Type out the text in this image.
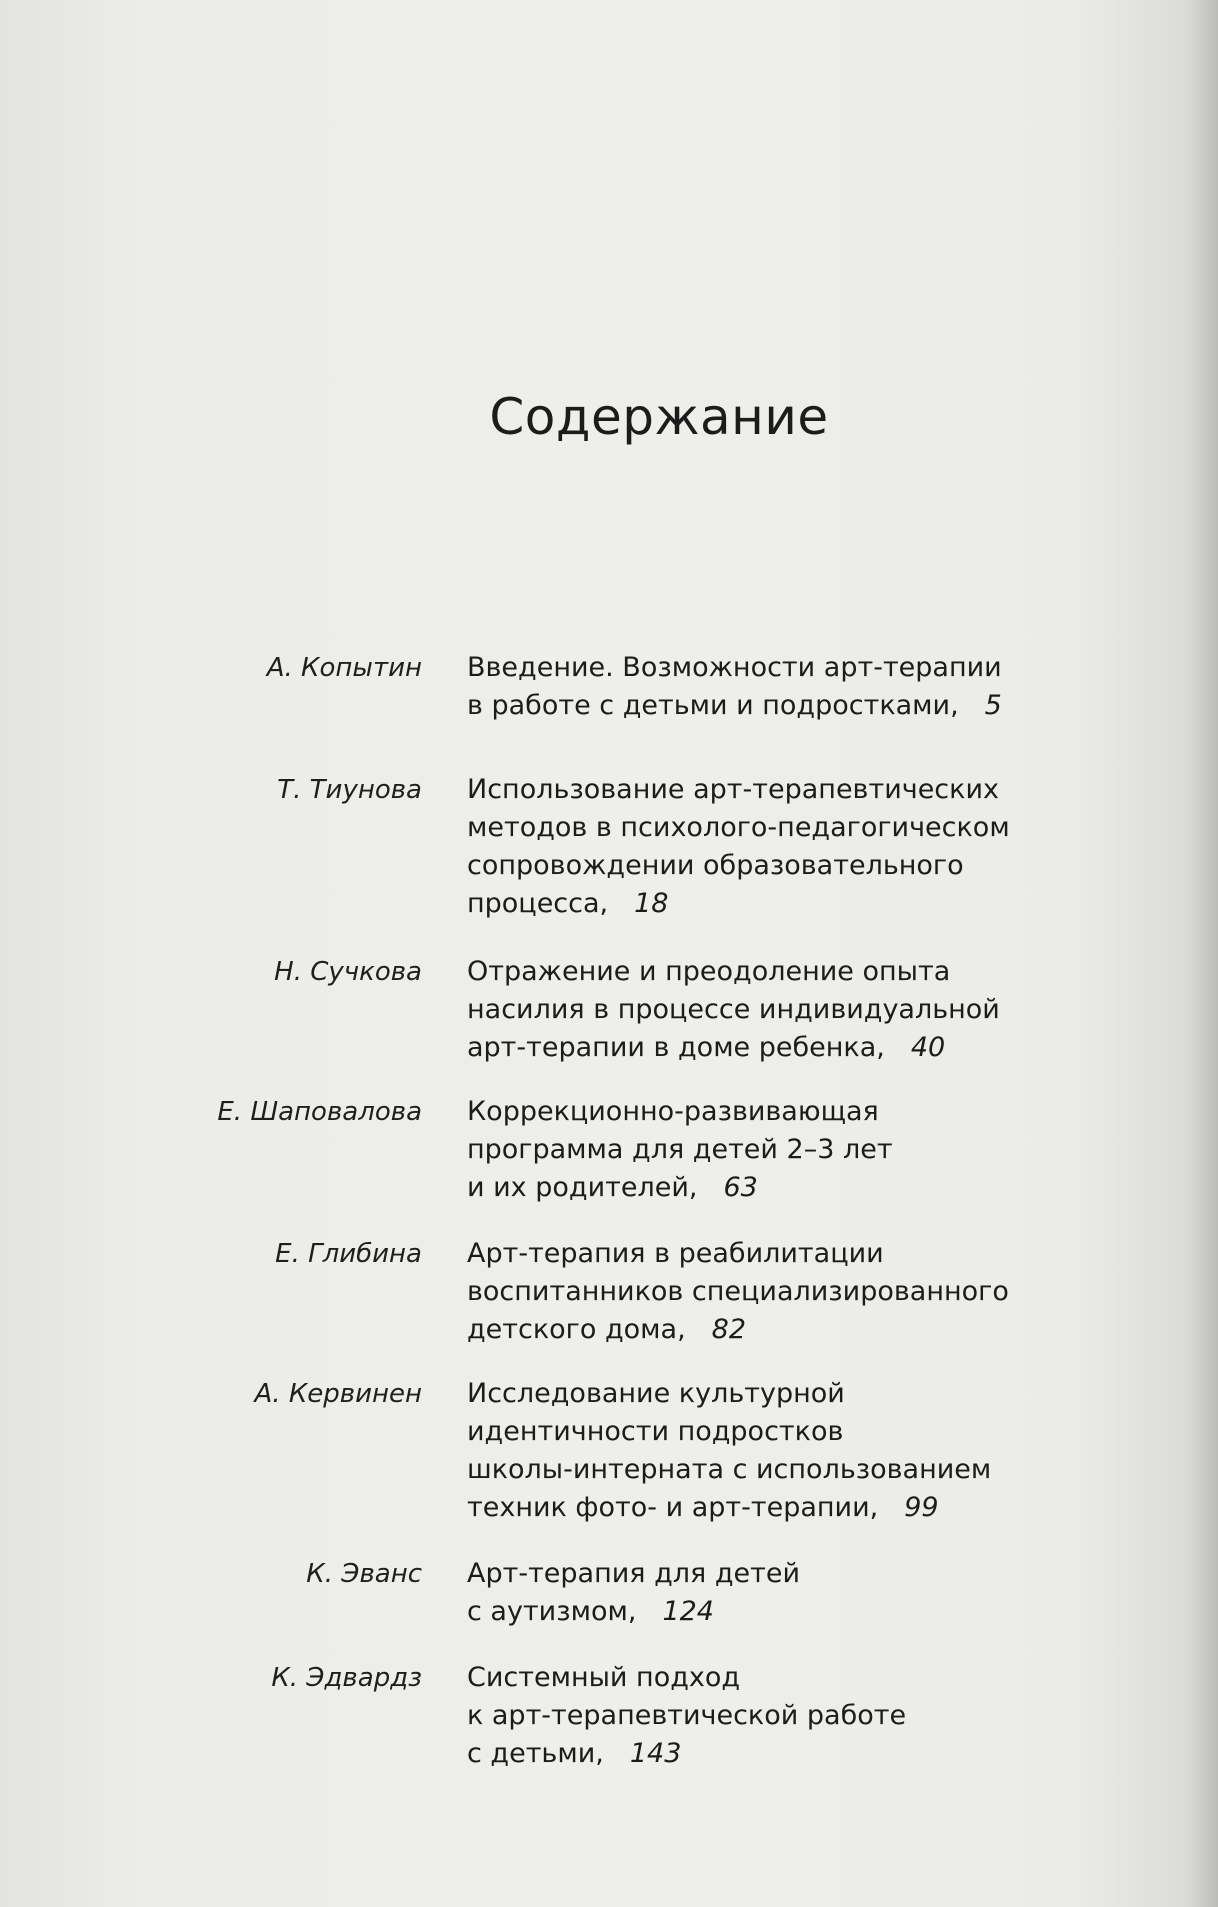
Содержание
А. Копытин Введение. Возможности арт-терапии
в работе с детьми и подростками, 5
Т. Тиунова Использование арт-терапевтических
методов в психолого-педагогическом
сопровождении образовательного
процесса, 18
Н. Сучкова Отражение и преодоление опыта
насилия в процессе индивидуальной
арт-терапии в доме ребенка, 40
Е. Шаповалова Коррекционно-развивающая
программа для детей 2–3 лет
и их родителей, 63
Е. Глибина Арт-терапия в реабилитации
воспитанников специализированного
детского дома, 82
А. Кервинен Исследование культурной
идентичности подростков
школы-интерната с использованием
техник фото- и арт-терапии, 99
К. Эванс Арт-терапия для детей
с аутизмом, 124
К. Эдвардз Системный подход
к арт-терапевтической работе
с детьми, 143
